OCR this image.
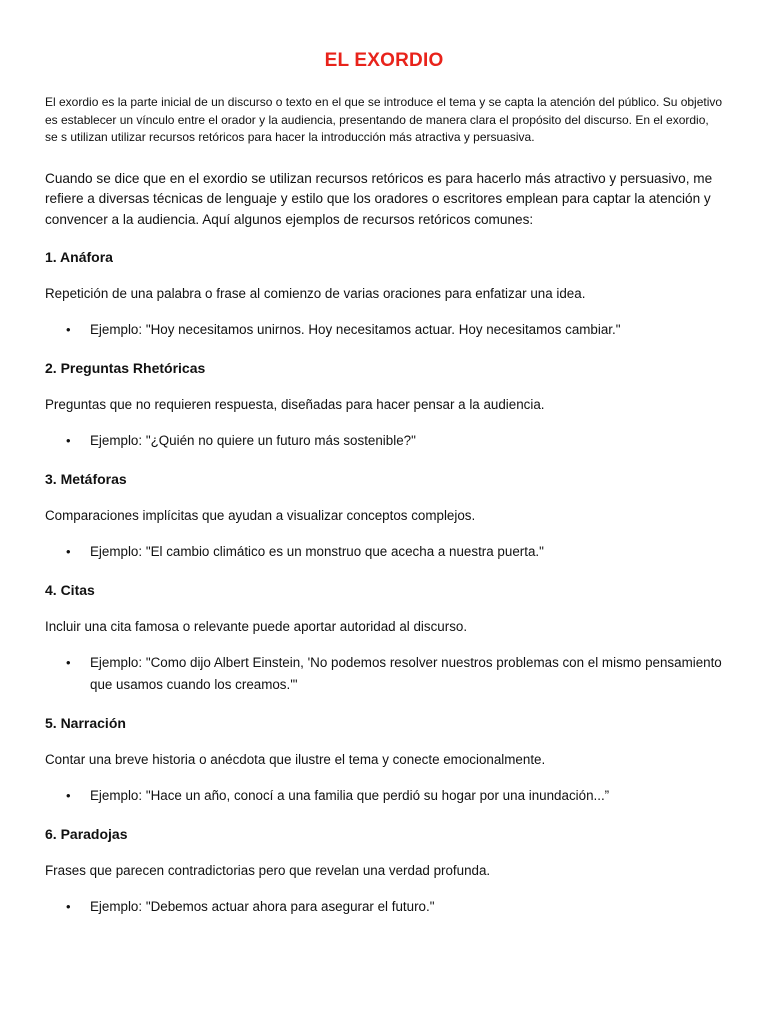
EL EXORDIO

El exordio es la parte inicial de un discurso o texto en el que se introduce el tema y se capta la atención del público. Su objetivo es establecer un vínculo entre el orador y la audiencia, presentando de manera clara el propósito del discurso. En el exordio, se s utilizan utilizar recursos retóricos para hacer la introducción más atractiva y persuasiva.

Cuando se dice que en el exordio se utilizan recursos retóricos es para hacerlo más atractivo y persuasivo, me refiere a diversas técnicas de lenguaje y estilo que los oradores o escritores emplean para captar la atención y convencer a la audiencia. Aquí algunos ejemplos de recursos retóricos comunes:

1. Anáfora

Repetición de una palabra o frase al comienzo de varias oraciones para enfatizar una idea.

• Ejemplo: "Hoy necesitamos unirnos. Hoy necesitamos actuar. Hoy necesitamos cambiar."
2. Preguntas Rhetóricas

Preguntas que no requieren respuesta, diseñadas para hacer pensar a la audiencia.

• Ejemplo: "¿Quién no quiere un futuro más sostenible?"
3. Metáforas

Comparaciones implícitas que ayudan a visualizar conceptos complejos.

• Ejemplo: "El cambio climático es un monstruo que acecha a nuestra puerta."
4. Citas

Incluir una cita famosa o relevante puede aportar autoridad al discurso.

• Ejemplo: "Como dijo Albert Einstein, 'No podemos resolver nuestros problemas con el mismo pensamiento que usamos cuando los creamos.'"
5. Narración

Contar una breve historia o anécdota que ilustre el tema y conecte emocionalmente.

• Ejemplo: "Hace un año, conocí a una familia que perdió su hogar por una inundación...”
6. Paradojas

Frases que parecen contradictorias pero que revelan una verdad profunda.

• Ejemplo: "Debemos actuar ahora para asegurar el futuro."
